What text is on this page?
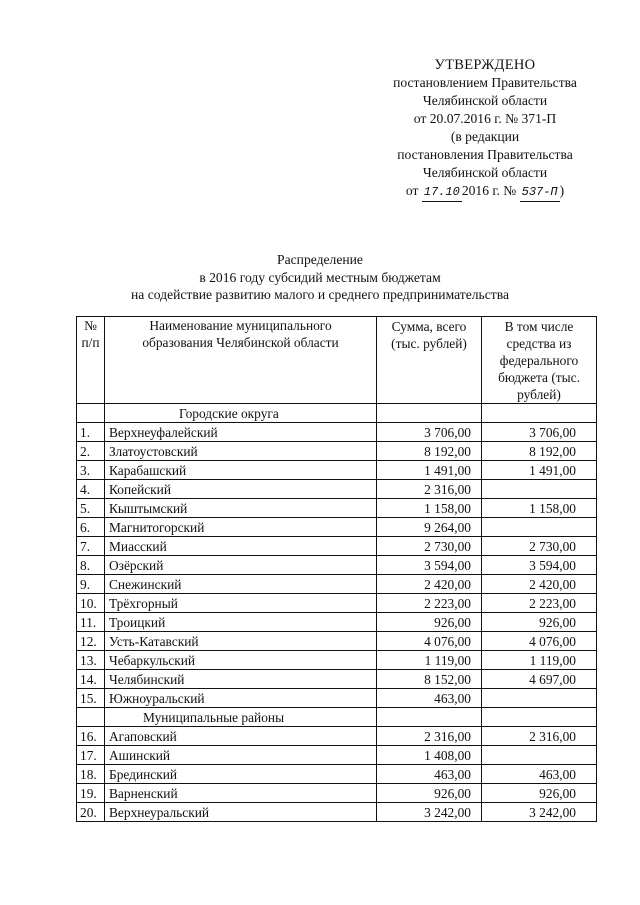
УТВЕРЖДЕНО
постановлением Правительства
Челябинской области
от 20.07.2016 г. № 371-П
(в редакции
постановления Правительства
Челябинской области
от 17.10 2016 г. № 537-П )
Распределение
в 2016 году субсидий местным бюджетам
на содействие развитию малого и среднего предпринимательства
№ п/п	Наименование муниципального образования Челябинской области	Сумма, всего (тыс. рублей)	В том числе средства из федерального бюджета (тыс. рублей)
	Городские округа		
1.	Верхнеуфалейский	3 706,00	3 706,00
2.	Златоустовский	8 192,00	8 192,00
3.	Карабашский	1 491,00	1 491,00
4.	Копейский	2 316,00	
5.	Кыштымский	1 158,00	1 158,00
6.	Магнитогорский	9 264,00	
7.	Миасский	2 730,00	2 730,00
8.	Озёрский	3 594,00	3 594,00
9.	Снежинский	2 420,00	2 420,00
10.	Трёхгорный	2 223,00	2 223,00
11.	Троицкий	926,00	926,00
12.	Усть-Катавский	4 076,00	4 076,00
13.	Чебаркульский	1 119,00	1 119,00
14.	Челябинский	8 152,00	4 697,00
15.	Южноуральский	463,00	
	Муниципальные районы		
16.	Агаповский	2 316,00	2 316,00
17.	Ашинский	1 408,00	
18.	Брединский	463,00	463,00
19.	Варненский	926,00	926,00
20.	Верхнеуральский	3 242,00	3 242,00
